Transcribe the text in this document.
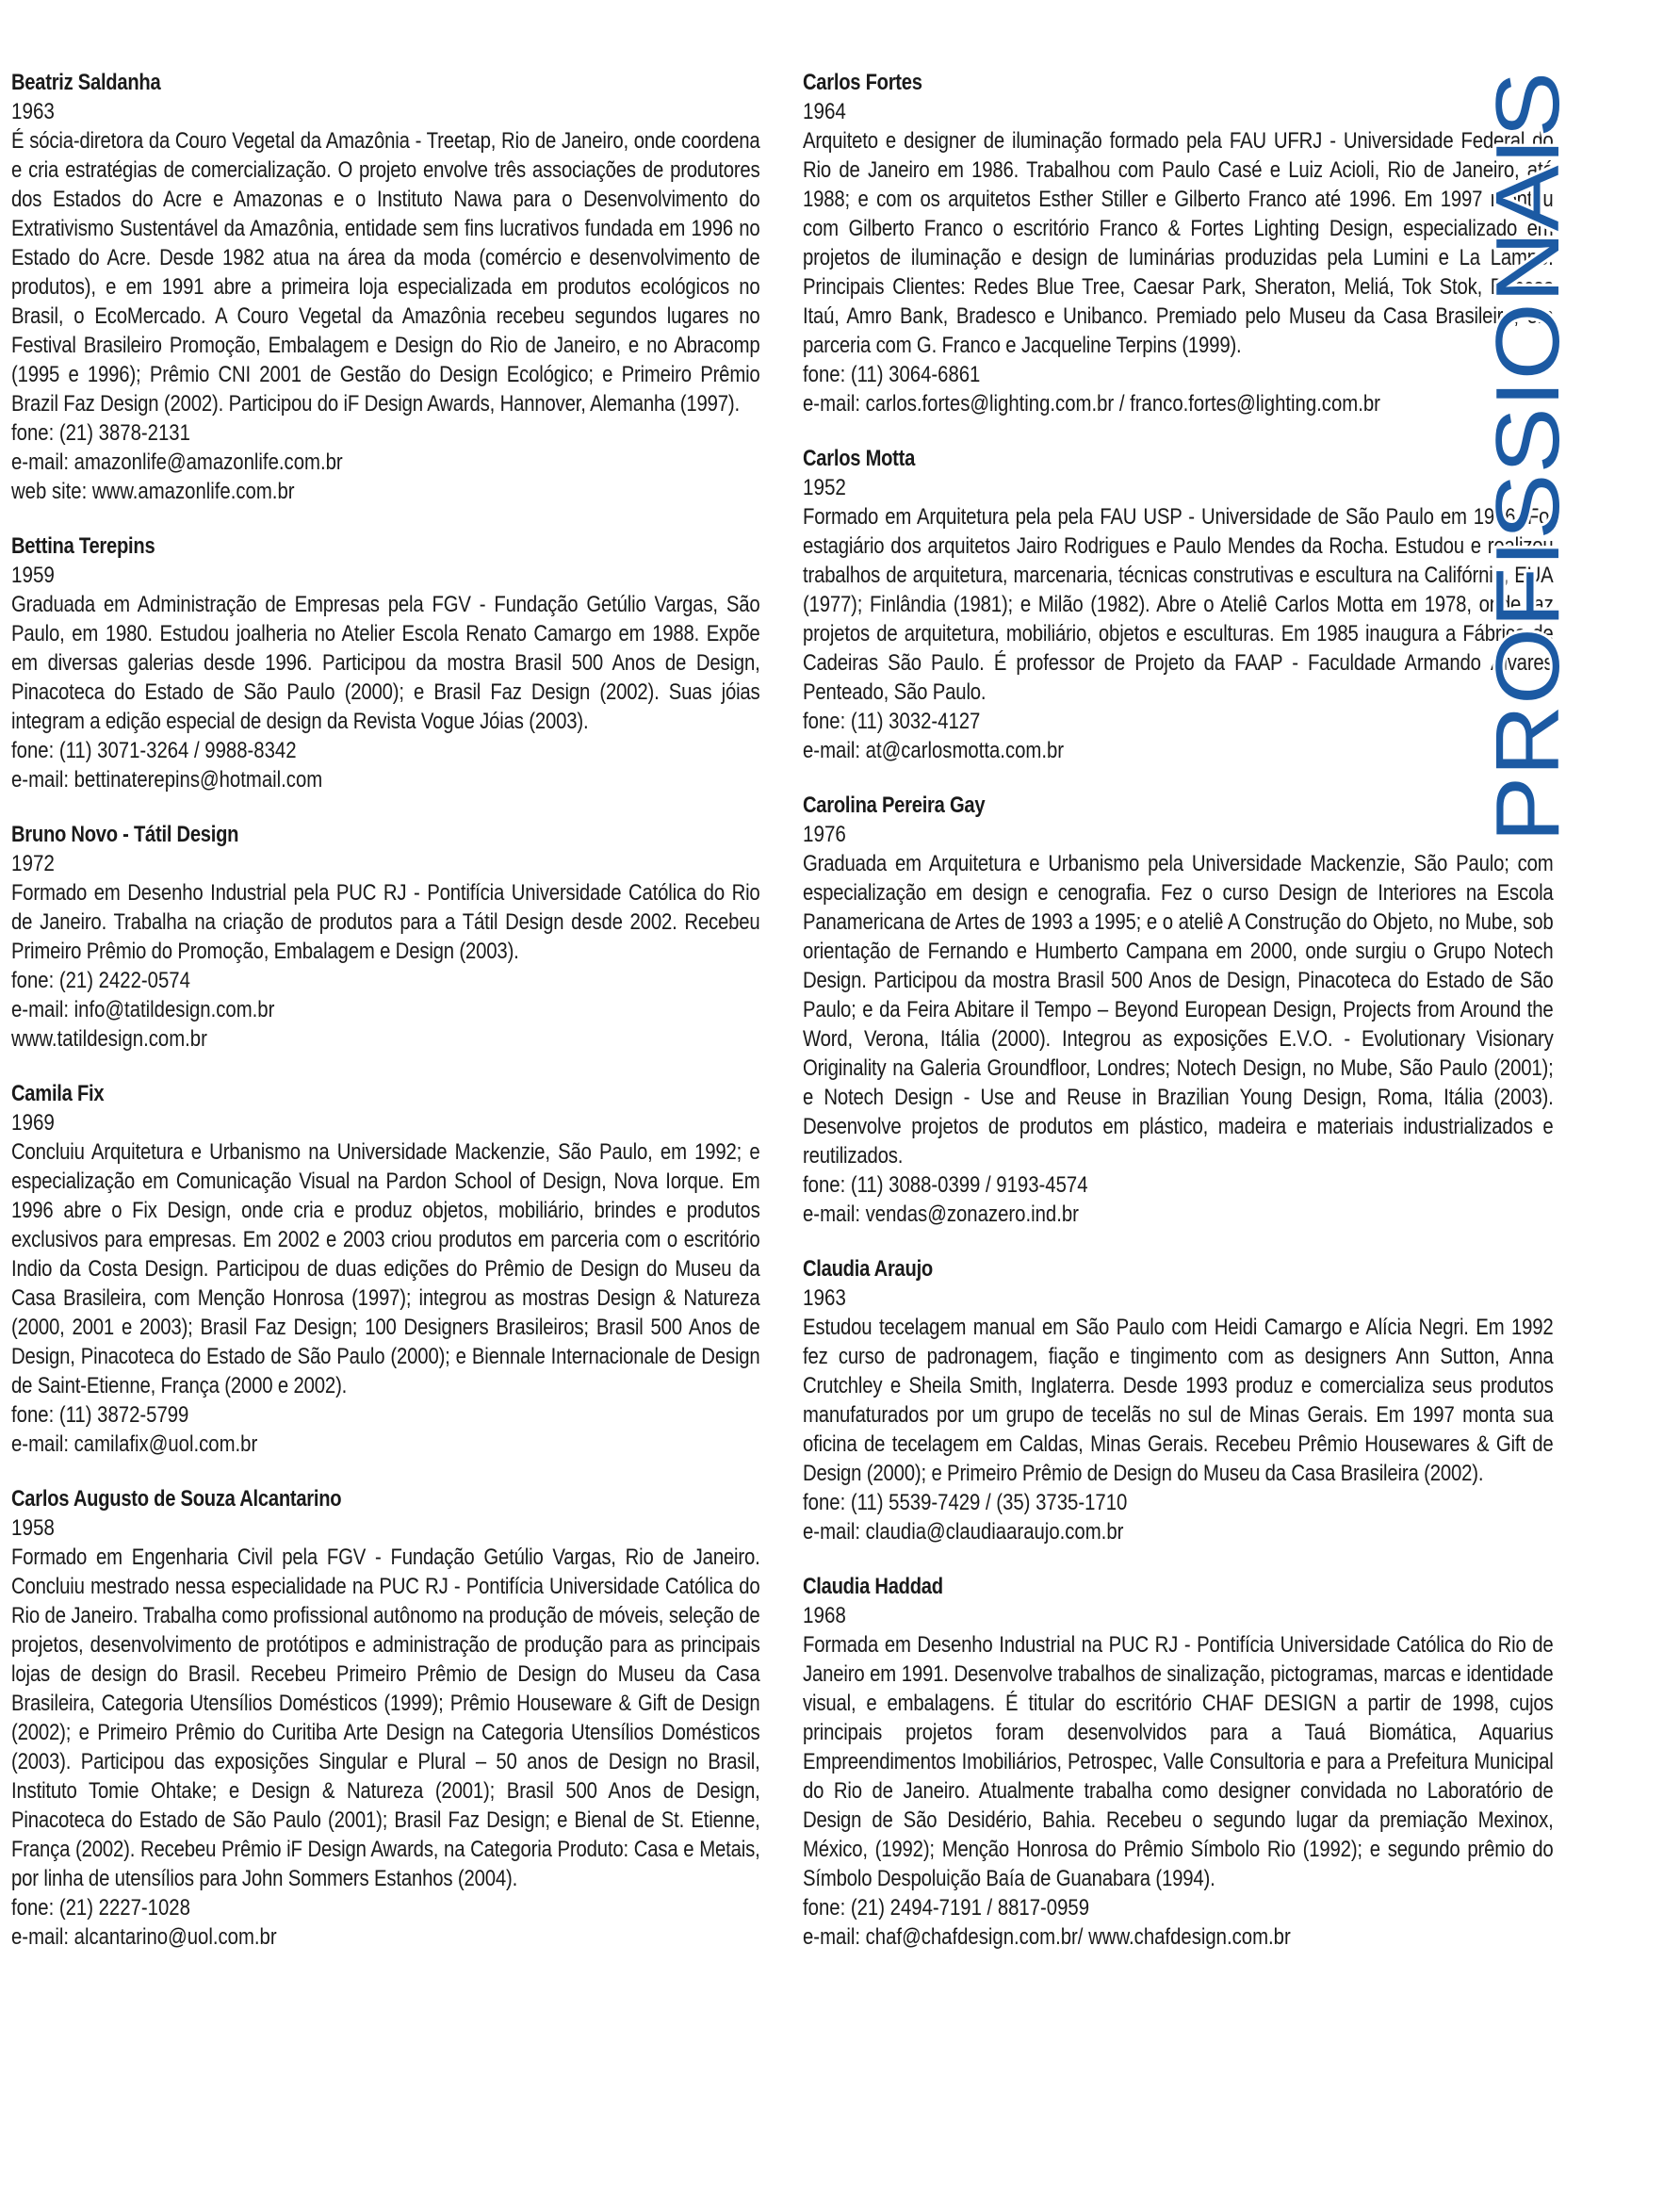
Beatriz Saldanha
1963
É sócia-diretora da Couro Vegetal da Amazônia - Treetap, Rio de Janeiro, onde coordena e cria estratégias de comercialização. O projeto envolve três associações de produtores dos Estados do Acre e Amazonas e o Instituto Nawa para o Desenvolvimento do Extrativismo Sustentável da Amazônia, entidade sem fins lucrativos fundada em 1996 no Estado do Acre. Desde 1982 atua na área da moda (comércio e desenvolvimento de produtos), e em 1991 abre a primeira loja especializada em produtos ecológicos no Brasil, o EcoMercado. A Couro Vegetal da Amazônia recebeu segundos lugares no Festival Brasileiro Promoção, Embalagem e Design do Rio de Janeiro, e no Abracomp (1995 e 1996); Prêmio CNI 2001 de Gestão do Design Ecológico; e Primeiro Prêmio Brazil Faz Design (2002). Participou do iF Design Awards, Hannover, Alemanha (1997).
fone: (21) 3878-2131
e-mail: amazonlife@amazonlife.com.br
web site: www.amazonlife.com.br
Bettina Terepins
1959
Graduada em Administração de Empresas pela FGV - Fundação Getúlio Vargas, São Paulo, em 1980. Estudou joalheria no Atelier Escola Renato Camargo em 1988. Expõe em diversas galerias desde 1996. Participou da mostra Brasil 500 Anos de Design, Pinacoteca do Estado de São Paulo (2000); e Brasil Faz Design (2002). Suas jóias integram a edição especial de design da Revista Vogue Jóias (2003).
fone: (11) 3071-3264 / 9988-8342
e-mail: bettinaterepins@hotmail.com
Bruno Novo - Tátil Design
1972
Formado em Desenho Industrial pela PUC RJ - Pontifícia Universidade Católica do Rio de Janeiro. Trabalha na criação de produtos para a Tátil Design desde 2002. Recebeu Primeiro Prêmio do Promoção, Embalagem e Design (2003).
fone: (21) 2422-0574
e-mail: info@tatildesign.com.br
www.tatildesign.com.br
Camila Fix
1969
Concluiu Arquitetura e Urbanismo na Universidade Mackenzie, São Paulo, em 1992; e especialização em Comunicação Visual na Pardon School of Design, Nova Iorque. Em 1996 abre o Fix Design, onde cria e produz objetos, mobiliário, brindes e produtos exclusivos para empresas. Em 2002 e 2003 criou produtos em parceria com o escritório Indio da Costa Design. Participou de duas edições do Prêmio de Design do Museu da Casa Brasileira, com Menção Honrosa (1997); integrou as mostras Design & Natureza (2000, 2001 e 2003); Brasil Faz Design; 100 Designers Brasileiros; Brasil 500 Anos de Design, Pinacoteca do Estado de São Paulo (2000); e Biennale Internacionale de Design de Saint-Etienne, França (2000 e 2002).
fone: (11) 3872-5799
e-mail: camilafix@uol.com.br
Carlos Augusto de Souza Alcantarino
1958
Formado em Engenharia Civil pela FGV - Fundação Getúlio Vargas, Rio de Janeiro. Concluiu mestrado nessa especialidade na PUC RJ - Pontifícia Universidade Católica do Rio de Janeiro. Trabalha como profissional autônomo na produção de móveis, seleção de projetos, desenvolvimento de protótipos e administração de produção para as principais lojas de design do Brasil. Recebeu Primeiro Prêmio de Design do Museu da Casa Brasileira, Categoria Utensílios Domésticos (1999); Prêmio Houseware & Gift de Design (2002); e Primeiro Prêmio do Curitiba Arte Design na Categoria Utensílios Domésticos (2003). Participou das exposições Singular e Plural – 50 anos de Design no Brasil, Instituto Tomie Ohtake; e Design & Natureza (2001); Brasil 500 Anos de Design, Pinacoteca do Estado de São Paulo (2001); Brasil Faz Design; e Bienal de St. Etienne, França (2002). Recebeu Prêmio iF Design Awards, na Categoria Produto: Casa e Metais, por linha de utensílios para John Sommers Estanhos (2004).
fone: (21) 2227-1028
e-mail: alcantarino@uol.com.br
Carlos Fortes
1964
Arquiteto e designer de iluminação formado pela FAU UFRJ - Universidade Federal do Rio de Janeiro em 1986. Trabalhou com Paulo Casé e Luiz Acioli, Rio de Janeiro, até 1988; e com os arquitetos Esther Stiller e Gilberto Franco até 1996. Em 1997 montou com Gilberto Franco o escritório Franco & Fortes Lighting Design, especializado em projetos de iluminação e design de luminárias produzidas pela Lumini e La Lampe. Principais Clientes: Redes Blue Tree, Caesar Park, Sheraton, Meliá, Tok Stok, Bancos Itaú, Amro Bank, Bradesco e Unibanco. Premiado pelo Museu da Casa Brasileira, em parceria com G. Franco e Jacqueline Terpins (1999).
fone: (11) 3064-6861
e-mail: carlos.fortes@lighting.com.br / franco.fortes@lighting.com.br
Carlos Motta
1952
Formado em Arquitetura pela pela FAU USP - Universidade de São Paulo em 1976. Foi estagiário dos arquitetos Jairo Rodrigues e Paulo Mendes da Rocha. Estudou e realizou trabalhos de arquitetura, marcenaria, técnicas construtivas e escultura na Califórnia, EUA (1977); Finlândia (1981); e Milão (1982). Abre o Ateliê Carlos Motta em 1978, onde faz projetos de arquitetura, mobiliário, objetos e esculturas. Em 1985 inaugura a Fábrica de Cadeiras São Paulo. É professor de Projeto da FAAP - Faculdade Armando Álvares Penteado, São Paulo.
fone: (11) 3032-4127
e-mail: at@carlosmotta.com.br
Carolina Pereira Gay
1976
Graduada em Arquitetura e Urbanismo pela Universidade Mackenzie, São Paulo; com especialização em design e cenografia. Fez o curso Design de Interiores na Escola Panamericana de Artes de 1993 a 1995; e o ateliê A Construção do Objeto, no Mube, sob orientação de Fernando e Humberto Campana em 2000, onde surgiu o Grupo Notech Design. Participou da mostra Brasil 500 Anos de Design, Pinacoteca do Estado de São Paulo; e da Feira Abitare il Tempo – Beyond European Design, Projects from Around the Word, Verona, Itália (2000). Integrou as exposições E.V.O. - Evolutionary Visionary Originality na Galeria Groundfloor, Londres; Notech Design, no Mube, São Paulo (2001); e Notech Design - Use and Reuse in Brazilian Young Design, Roma, Itália (2003). Desenvolve projetos de produtos em plástico, madeira e materiais industrializados e reutilizados.
fone: (11) 3088-0399 / 9193-4574
e-mail: vendas@zonazero.ind.br
Claudia Araujo
1963
Estudou tecelagem manual em São Paulo com Heidi Camargo e Alícia Negri. Em 1992 fez curso de padronagem, fiação e tingimento com as designers Ann Sutton, Anna Crutchley e Sheila Smith, Inglaterra. Desde 1993 produz e comercializa seus produtos manufaturados por um grupo de tecelãs no sul de Minas Gerais. Em 1997 monta sua oficina de tecelagem em Caldas, Minas Gerais. Recebeu Prêmio Housewares & Gift de Design (2000); e Primeiro Prêmio de Design do Museu da Casa Brasileira (2002).
fone: (11) 5539-7429 / (35) 3735-1710
e-mail: claudia@claudiaaraujo.com.br
Claudia Haddad
1968
Formada em Desenho Industrial na PUC RJ - Pontifícia Universidade Católica do Rio de Janeiro em 1991. Desenvolve trabalhos de sinalização, pictogramas, marcas e identidade visual, e embalagens. É titular do escritório CHAF DESIGN a partir de 1998, cujos principais projetos foram desenvolvidos para a Tauá Biomática, Aquarius Empreendimentos Imobiliários, Petrospec, Valle Consultoria e para a Prefeitura Municipal do Rio de Janeiro. Atualmente trabalha como designer convidada no Laboratório de Design de São Desidério, Bahia. Recebeu o segundo lugar da premiação Mexinox, México, (1992); Menção Honrosa do Prêmio Símbolo Rio (1992); e segundo prêmio do Símbolo Despoluição Baía de Guanabara (1994).
fone: (21) 2494-7191 / 8817-0959
e-mail: chaf@chafdesign.com.br/ www.chafdesign.com.br
PROFISSIONAIS
